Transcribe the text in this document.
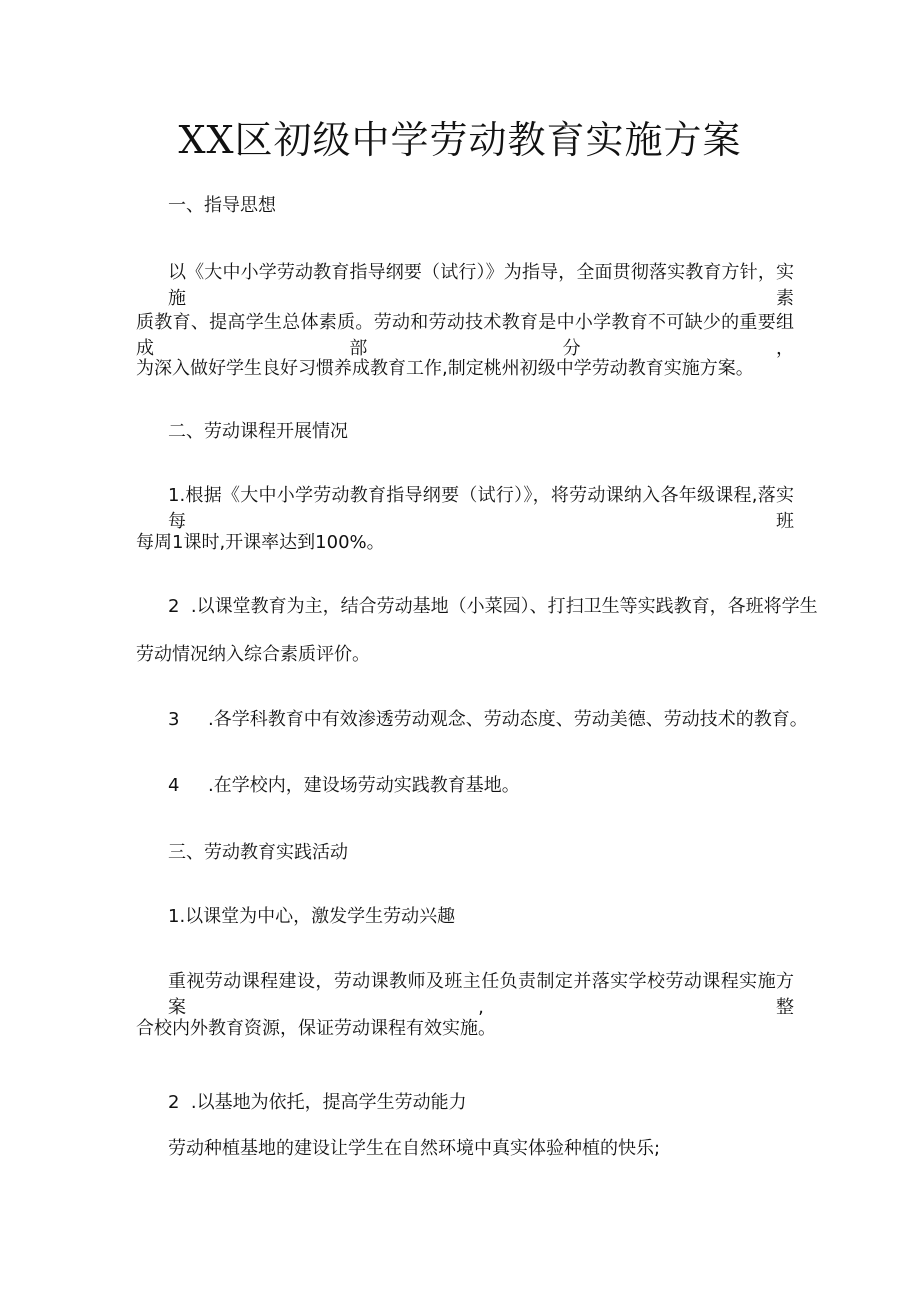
XX区初级中学劳动教育实施方案
一、指导思想
以《大中小学劳动教育指导纲要（试行）》为指导，全面贯彻落实教育方针，实施素
质教育、提高学生总体素质。劳动和劳动技术教育是中小学教育不可缺少的重要组成部分，
为深入做好学生良好习惯养成教育工作,制定桃州初级中学劳动教育实施方案。
二、劳动课程开展情况
1.根据《大中小学劳动教育指导纲要（试行）》，将劳动课纳入各年级课程,落实每班
每周1课时,开课率达到100%。
2  .以课堂教育为主，结合劳动基地（小菜园）、打扫卫生等实践教育，各班将学生
劳动情况纳入综合素质评价。
3     .各学科教育中有效渗透劳动观念、劳动态度、劳动美德、劳动技术的教育。
4     .在学校内，建设场劳动实践教育基地。
三、劳动教育实践活动
1.以课堂为中心，激发学生劳动兴趣
重视劳动课程建设，劳动课教师及班主任负责制定并落实学校劳动课程实施方案,整
合校内外教育资源，保证劳动课程有效实施。
2  .以基地为依托，提高学生劳动能力
劳动种植基地的建设让学生在自然环境中真实体验种植的快乐;
